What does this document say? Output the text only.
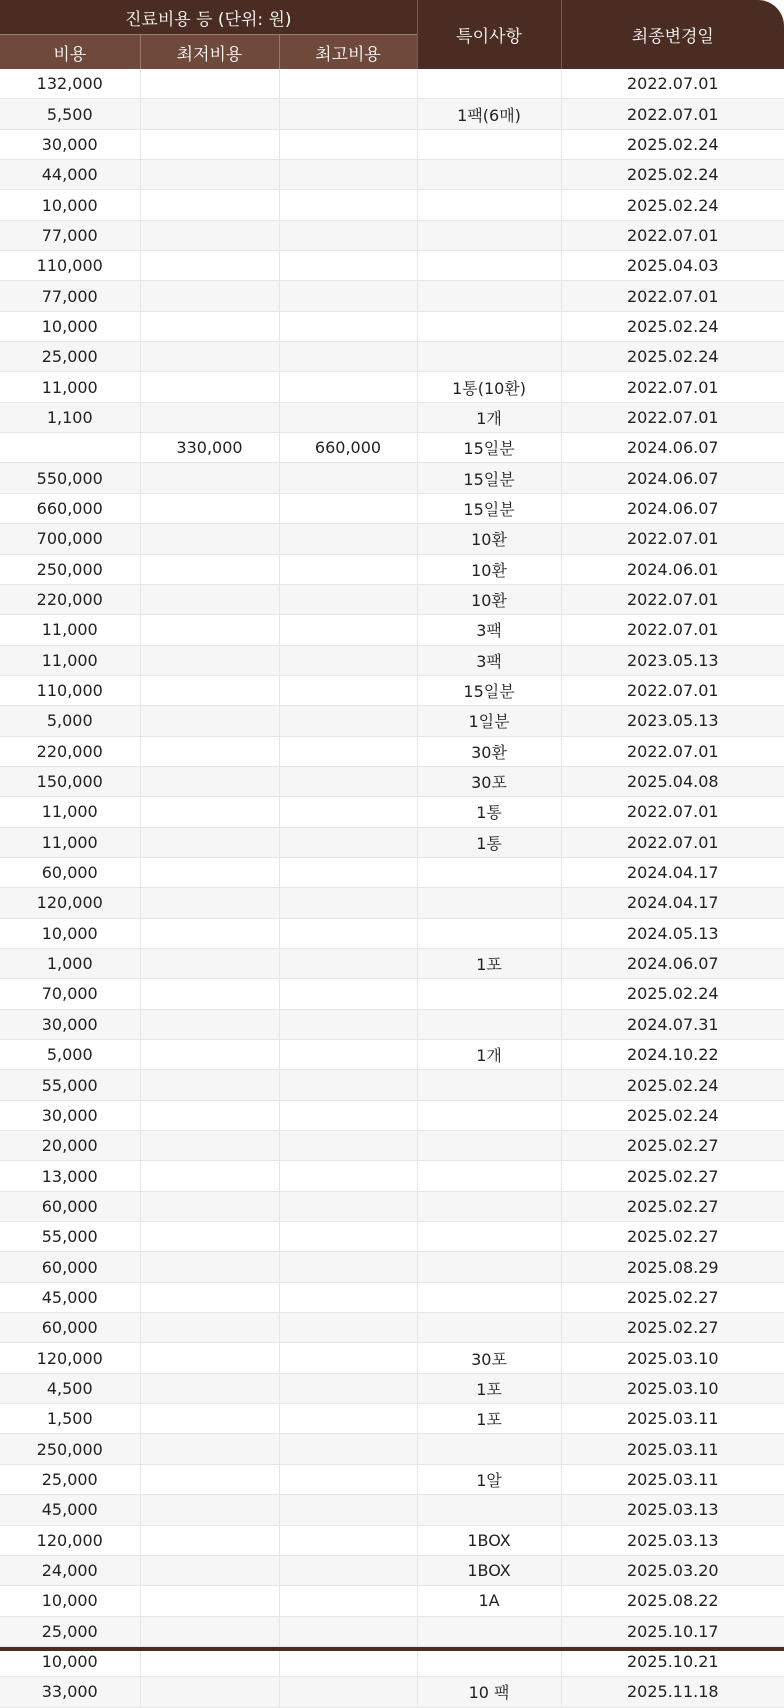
진료비용 등 (단위: 원)			특이사항	최종변경일
비용	최저비용	최고비용		
132,000				2022.07.01
5,500			1팩(6매)	2022.07.01
30,000				2025.02.24
44,000				2025.02.24
10,000				2025.02.24
77,000				2022.07.01
110,000				2025.04.03
77,000				2022.07.01
10,000				2025.02.24
25,000				2025.02.24
11,000			1통(10환)	2022.07.01
1,100			1개	2022.07.01
	330,000	660,000	15일분	2024.06.07
550,000			15일분	2024.06.07
660,000			15일분	2024.06.07
700,000			10환	2022.07.01
250,000			10환	2024.06.01
220,000			10환	2022.07.01
11,000			3팩	2022.07.01
11,000			3팩	2023.05.13
110,000			15일분	2022.07.01
5,000			1일분	2023.05.13
220,000			30환	2022.07.01
150,000			30포	2025.04.08
11,000			1통	2022.07.01
11,000			1통	2022.07.01
60,000				2024.04.17
120,000				2024.04.17
10,000				2024.05.13
1,000			1포	2024.06.07
70,000				2025.02.24
30,000				2024.07.31
5,000			1개	2024.10.22
55,000				2025.02.24
30,000				2025.02.24
20,000				2025.02.27
13,000				2025.02.27
60,000				2025.02.27
55,000				2025.02.27
60,000				2025.08.29
45,000				2025.02.27
60,000				2025.02.27
120,000			30포	2025.03.10
4,500			1포	2025.03.10
1,500			1포	2025.03.11
250,000				2025.03.11
25,000			1알	2025.03.11
45,000				2025.03.13
120,000			1BOX	2025.03.13
24,000			1BOX	2025.03.20
10,000			1A	2025.08.22
25,000				2025.10.17
10,000				2025.10.21
33,000			10 팩	2025.11.18
